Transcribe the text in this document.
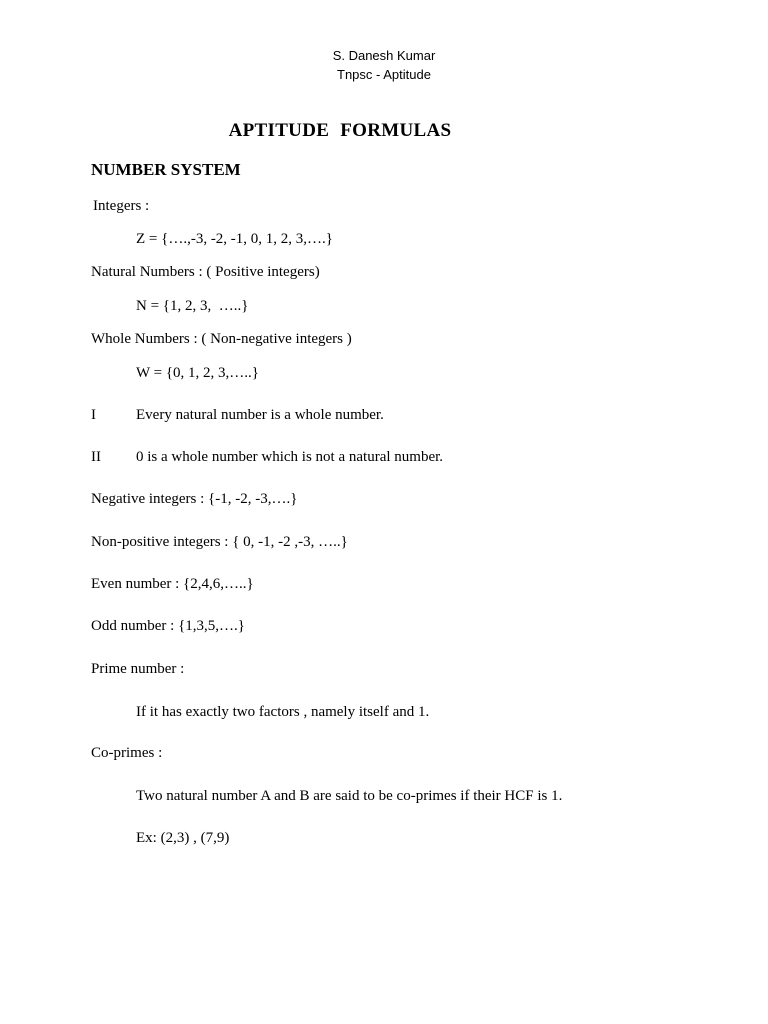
S. Danesh Kumar
Tnpsc - Aptitude
APTITUDE FORMULAS
NUMBER SYSTEM
Integers :
Z = {….,-3, -2, -1, 0, 1, 2, 3,….}
Natural Numbers : ( Positive integers)
N = {1, 2, 3,  …..}
Whole Numbers : ( Non-negative integers )
W = {0, 1, 2, 3,…..}
I	Every natural number is a whole number.
II 0 is a whole number which is not a natural number.
Negative integers : {-1, -2, -3,….}
Non-positive integers : { 0, -1, -2 ,-3, …..}
Even number : {2,4,6,…..}
Odd number : {1,3,5,….}
Prime number :
If it has exactly two factors , namely itself and 1.
Co-primes :
Two natural number A and B are said to be co-primes if their HCF is 1.
Ex: (2,3) , (7,9)
